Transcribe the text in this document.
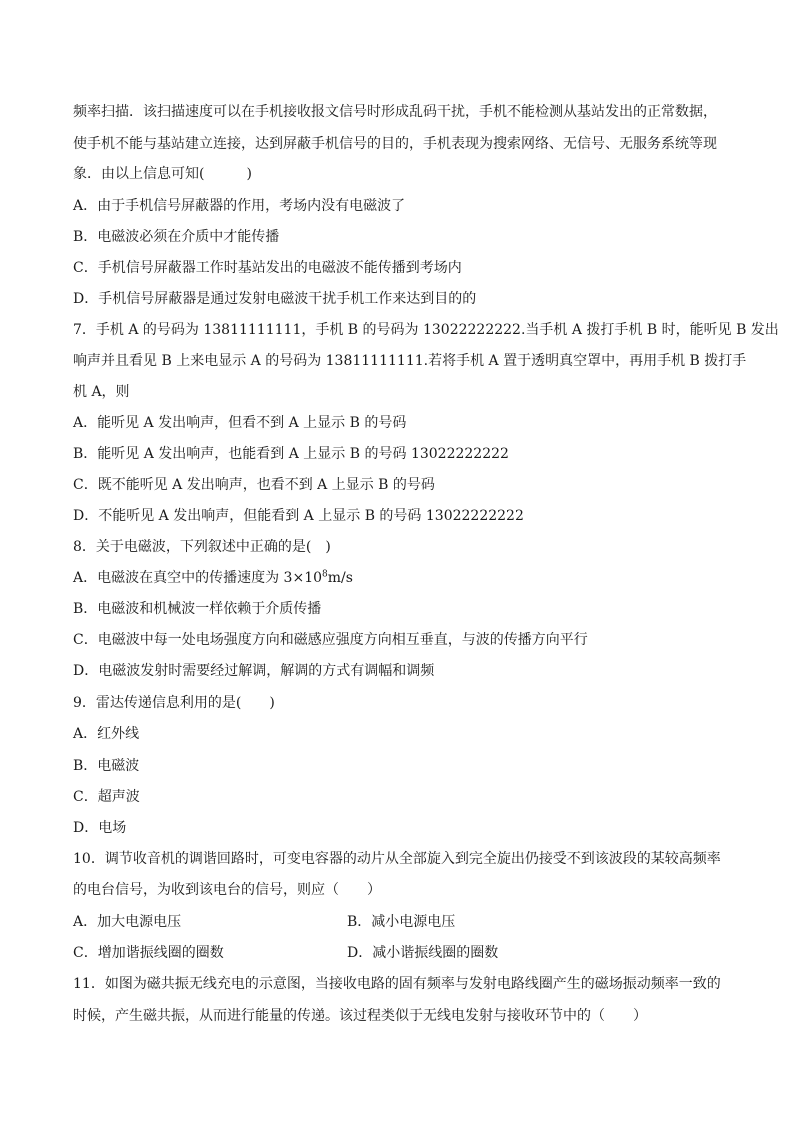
频率扫描．该扫描速度可以在手机接收报文信号时形成乱码干扰，手机不能检测从基站发出的正常数据，
使手机不能与基站建立连接，达到屏蔽手机信号的目的，手机表现为搜索网络、无信号、无服务系统等现
象．由以上信息可知(　　　)
A．由于手机信号屏蔽器的作用，考场内没有电磁波了
B．电磁波必须在介质中才能传播
C．手机信号屏蔽器工作时基站发出的电磁波不能传播到考场内
D．手机信号屏蔽器是通过发射电磁波干扰手机工作来达到目的的
7．手机 A 的号码为 13811111111，手机 B 的号码为 13022222222.当手机 A 拨打手机 B 时，能听见 B 发出
响声并且看见 B 上来电显示 A 的号码为 13811111111.若将手机 A 置于透明真空罩中，再用手机 B 拨打手
机 A，则
A．能听见 A 发出响声，但看不到 A 上显示 B 的号码
B．能听见 A 发出响声，也能看到 A 上显示 B 的号码 13022222222
C．既不能听见 A 发出响声，也看不到 A 上显示 B 的号码
D．不能听见 A 发出响声，但能看到 A 上显示 B 的号码 13022222222
8．关于电磁波，下列叙述中正确的是(　)
A．电磁波在真空中的传播速度为 $3\times 10^8m/s$
B．电磁波和机械波一样依赖于介质传播
C．电磁波中每一处电场强度方向和磁感应强度方向相互垂直，与波的传播方向平行
D．电磁波发射时需要经过解调，解调的方式有调幅和调频
9．雷达传递信息利用的是(　　)
A．红外线
B．电磁波
C．超声波
D．电场
10．调节收音机的调谐回路时，可变电容器的动片从全部旋入到完全旋出仍接受不到该波段的某较高频率
的电台信号，为收到该电台的信号，则应（　　）
A．加大电源电压	B．减小电源电压
C．增加谐振线圈的圈数	D．减小谐振线圈的圈数
11．如图为磁共振无线充电的示意图，当接收电路的固有频率与发射电路线圈产生的磁场振动频率一致的
时候，产生磁共振，从而进行能量的传递。该过程类似于无线电发射与接收环节中的（　　）
